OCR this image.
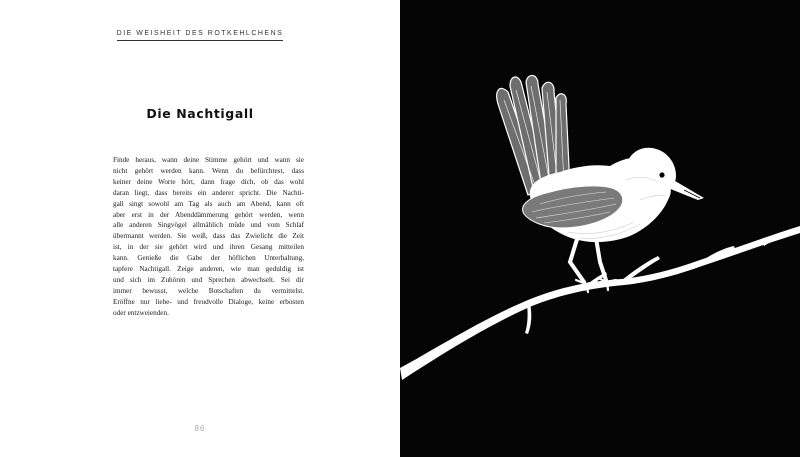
DIE WEISHEIT DES ROTKEHLCHENS
Die Nachtigall
Finde heraus, wann deine Stimme gehört und wann sie
nicht gehört werden kann. Wenn du befürchtest, dass
keiner deine Worte hört, dann frage dich, ob das wohl
daran liegt, dass bereits ein anderer spricht. Die Nachti-
gall singt sowohl am Tag als auch am Abend, kann oft
aber erst in der Abenddämmerung gehört werden, wenn
alle anderen Singvögel allmählich müde und vom Schlaf
übermannt werden. Sie weiß, dass das Zwielicht die Zeit
ist, in der sie gehört wird und ihren Gesang mitteilen
kann. Genieße die Gabe der höflichen Unterhaltung,
tapfere Nachtigall. Zeige anderen, wie man geduldig ist
und sich im Zuhören und Sprechen abwechselt. Sei dir
immer bewusst, welche Botschaften du vermittelst.
Eröffne nur liebe- und freudvolle Dialoge, keine erbosten
oder entzweienden.
86
